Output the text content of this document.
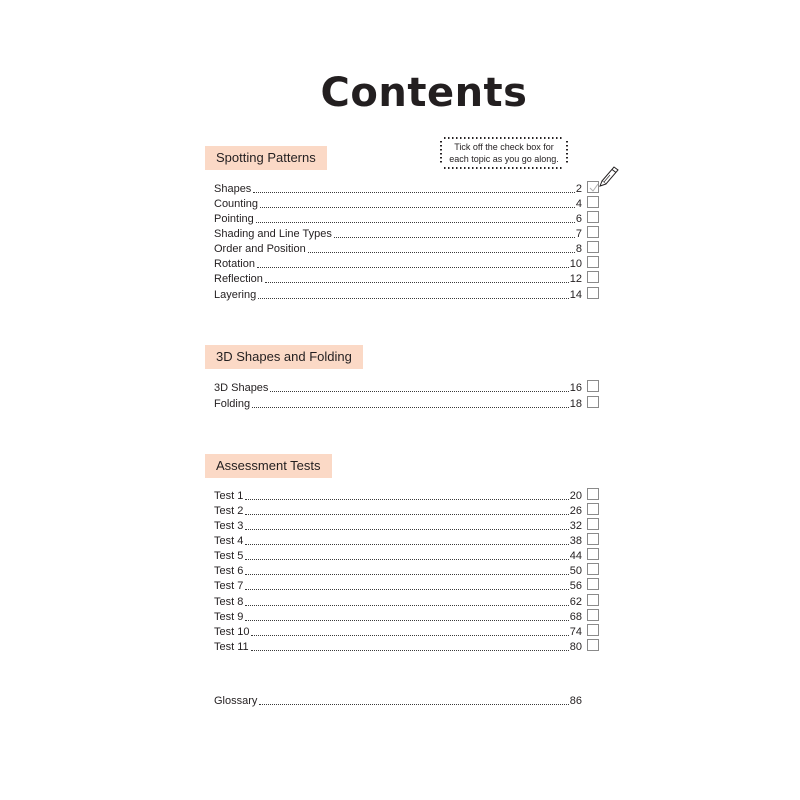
Contents
Tick off the check box for
each topic as you go along.
Spotting Patterns
Shapes	2
Counting	4
Pointing	6
Shading and Line Types	7
Order and Position	8
Rotation	10
Reflection	12
Layering	14
3D Shapes and Folding
3D Shapes	16
Folding	18
Assessment Tests
Test 1	20
Test 2	26
Test 3	32
Test 4	38
Test 5	44
Test 6	50
Test 7	56
Test 8	62
Test 9	68
Test 10	74
Test 11	80
Glossary	86
